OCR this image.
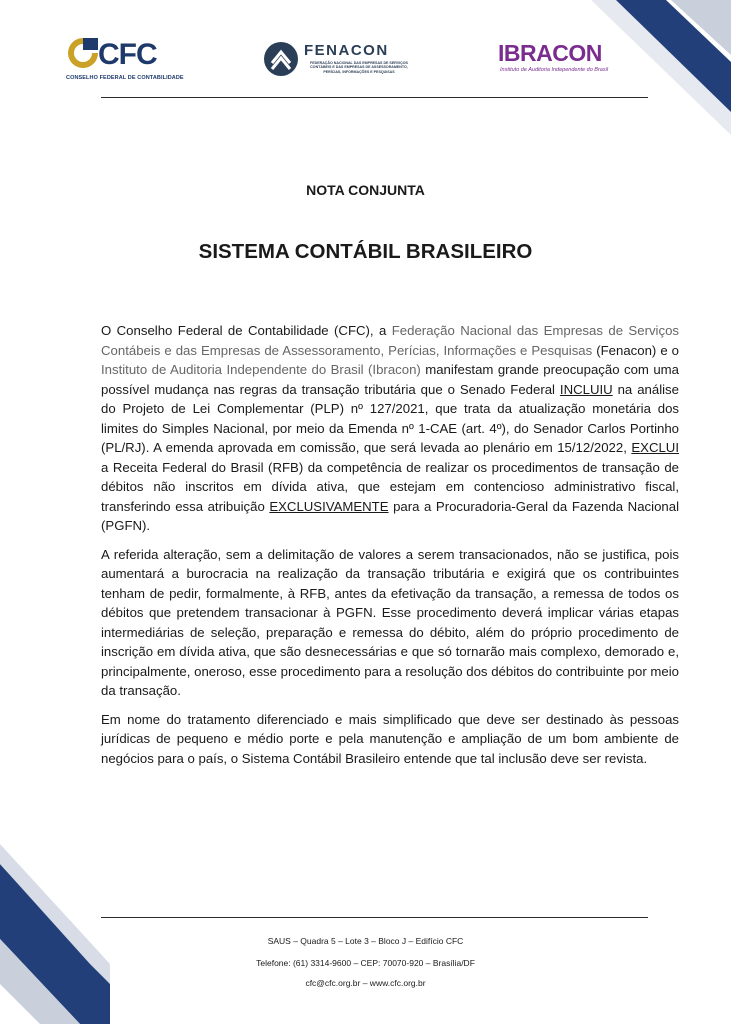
CFC
CONSELHO FEDERAL DE CONTABILIDADE
FENACON
FEDERAÇÃO NACIONAL DAS EMPRESAS DE SERVIÇOS CONTÁBEIS E DAS EMPRESAS DE ASSESSORAMENTO, PERÍCIAS, INFORMAÇÕES E PESQUISAS
IBRACON
Instituto de Auditoria Independente do Brasil
NOTA CONJUNTA
SISTEMA CONTÁBIL BRASILEIRO

O Conselho Federal de Contabilidade (CFC), a Federação Nacional das Empresas de Serviços Contábeis e das Empresas de Assessoramento, Perícias, Informações e Pesquisas (Fenacon) e o Instituto de Auditoria Independente do Brasil (Ibracon) manifestam grande preocupação com uma possível mudança nas regras da transação tributária que o Senado Federal INCLUIU na análise do Projeto de Lei Complementar (PLP) nº 127/2021, que trata da atualização monetária dos limites do Simples Nacional, por meio da Emenda nº 1-CAE (art. 4º), do Senador Carlos Portinho (PL/RJ). A emenda aprovada em comissão, que será levada ao plenário em 15/12/2022, EXCLUI a Receita Federal do Brasil (RFB) da competência de realizar os procedimentos de transação de débitos não inscritos em dívida ativa, que estejam em contencioso administrativo fiscal, transferindo essa atribuição EXCLUSIVAMENTE para a Procuradoria-Geral da Fazenda Nacional (PGFN).

A referida alteração, sem a delimitação de valores a serem transacionados, não se justifica, pois aumentará a burocracia na realização da transação tributária e exigirá que os contribuintes tenham de pedir, formalmente, à RFB, antes da efetivação da transação, a remessa de todos os débitos que pretendem transacionar à PGFN. Esse procedimento deverá implicar várias etapas intermediárias de seleção, preparação e remessa do débito, além do próprio procedimento de inscrição em dívida ativa, que são desnecessárias e que só tornarão mais complexo, demorado e, principalmente, oneroso, esse procedimento para a resolução dos débitos do contribuinte por meio da transação.

Em nome do tratamento diferenciado e mais simplificado que deve ser destinado às pessoas jurídicas de pequeno e médio porte e pela manutenção e ampliação de um bom ambiente de negócios para o país, o Sistema Contábil Brasileiro entende que tal inclusão deve ser revista.

SAUS – Quadra 5 – Lote 3 – Bloco J – Edifício CFC
Telefone: (61) 3314-9600 – CEP: 70070-920 – Brasília/DF
cfc@cfc.org.br – www.cfc.org.br
